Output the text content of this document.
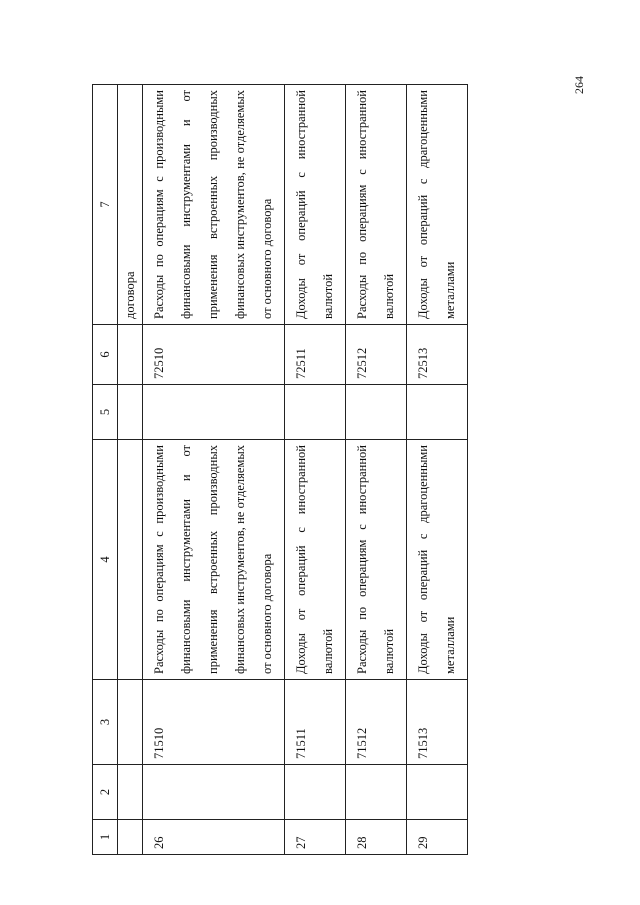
264
1	2	3	4	5	6	7
						договора
26		71510	Расходы по операциям с производными финансовыми инструментами и от применения встроенных производных финансовых инструментов, не отделяемых от основного договора		72510	Расходы по операциям с производными финансовыми инструментами и от применения встроенных производных финансовых инструментов, не отделяемых от основного договора
27		71511	Доходы от операций с иностранной валютой		72511	Доходы от операций с иностранной валютой
28		71512	Расходы по операциям с иностранной валютой		72512	Расходы по операциям с иностранной валютой
29		71513	Доходы от операций с драгоценными металлами		72513	Доходы от операций с драгоценными металлами
